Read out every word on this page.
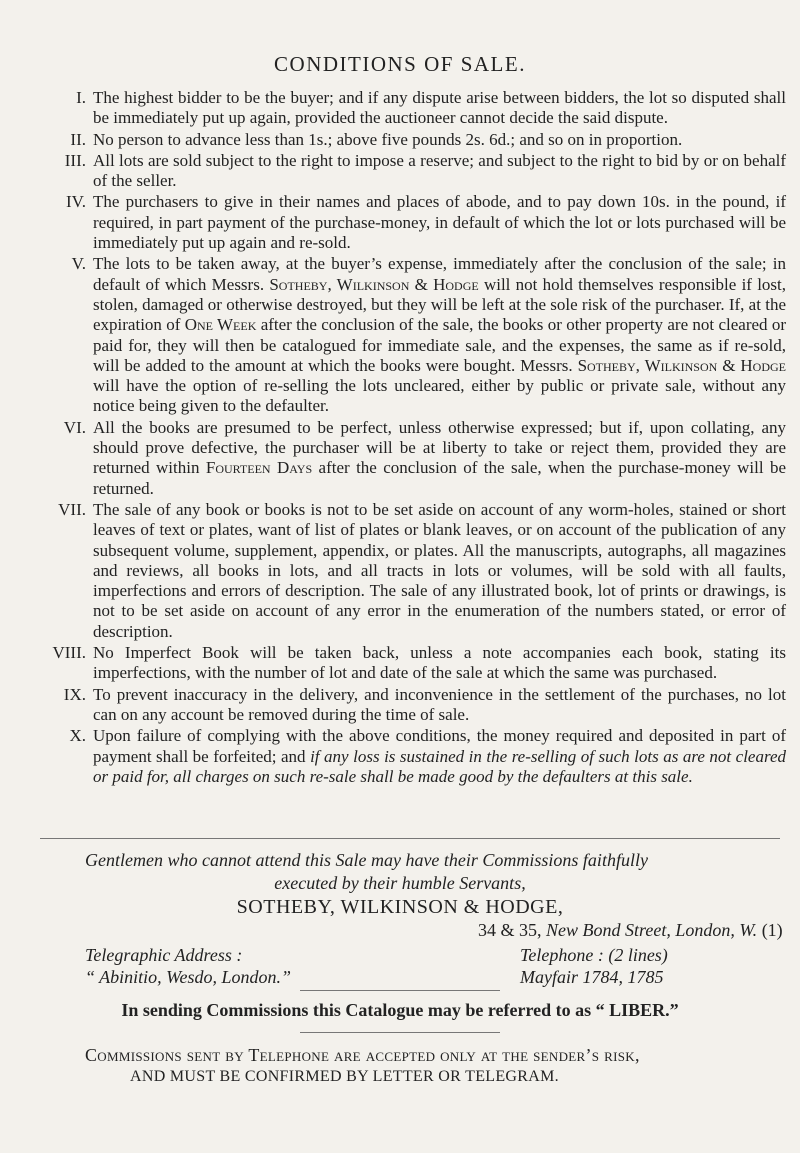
CONDITIONS OF SALE.
I. The highest bidder to be the buyer; and if any dispute arise between bidders, the lot so disputed shall be immediately put up again, provided the auctioneer cannot decide the said dispute.
II. No person to advance less than 1s.; above five pounds 2s. 6d.; and so on in proportion.
III. All lots are sold subject to the right to impose a reserve; and subject to the right to bid by or on behalf of the seller.
IV. The purchasers to give in their names and places of abode, and to pay down 10s. in the pound, if required, in part payment of the purchase-money, in default of which the lot or lots purchased will be immediately put up again and re-sold.
V. The lots to be taken away, at the buyer’s expense, immediately after the conclusion of the sale; in default of which Messrs. Sotheby, Wilkinson & Hodge will not hold themselves responsible if lost, stolen, damaged or otherwise destroyed, but they will be left at the sole risk of the purchaser. If, at the expiration of One Week after the conclusion of the sale, the books or other property are not cleared or paid for, they will then be catalogued for immediate sale, and the expenses, the same as if re-sold, will be added to the amount at which the books were bought. Messrs. Sotheby, Wilkinson & Hodge will have the option of re-selling the lots uncleared, either by public or private sale, without any notice being given to the defaulter.
VI. All the books are presumed to be perfect, unless otherwise expressed; but if, upon collating, any should prove defective, the purchaser will be at liberty to take or reject them, provided they are returned within Fourteen Days after the conclusion of the sale, when the purchase-money will be returned.
VII. The sale of any book or books is not to be set aside on account of any worm-holes, stained or short leaves of text or plates, want of list of plates or blank leaves, or on account of the publication of any subsequent volume, supplement, appendix, or plates. All the manuscripts, autographs, all magazines and reviews, all books in lots, and all tracts in lots or volumes, will be sold with all faults, imperfections and errors of description. The sale of any illustrated book, lot of prints or drawings, is not to be set aside on account of any error in the enumeration of the numbers stated, or error of description.
VIII. No Imperfect Book will be taken back, unless a note accompanies each book, stating its imperfections, with the number of lot and date of the sale at which the same was purchased.
IX. To prevent inaccuracy in the delivery, and inconvenience in the settlement of the purchases, no lot can on any account be removed during the time of sale.
X. Upon failure of complying with the above conditions, the money required and deposited in part of payment shall be forfeited; and if any loss is sustained in the re-selling of such lots as are not cleared or paid for, all charges on such re-sale shall be made good by the defaulters at this sale.
Gentlemen who cannot attend this Sale may have their Commissions faithfully
executed by their humble Servants,
SOTHEBY, WILKINSON & HODGE,
34 & 35, New Bond Street, London, W. (1)
Telegraphic Address :
“ Abinitio, Wesdo, London.”
Telephone : (2 lines)
Mayfair 1784, 1785
In sending Commissions this Catalogue may be referred to as “ LIBER.”
Commissions sent by Telephone are accepted only at the sender’s risk,
AND MUST BE CONFIRMED BY LETTER OR TELEGRAM.
